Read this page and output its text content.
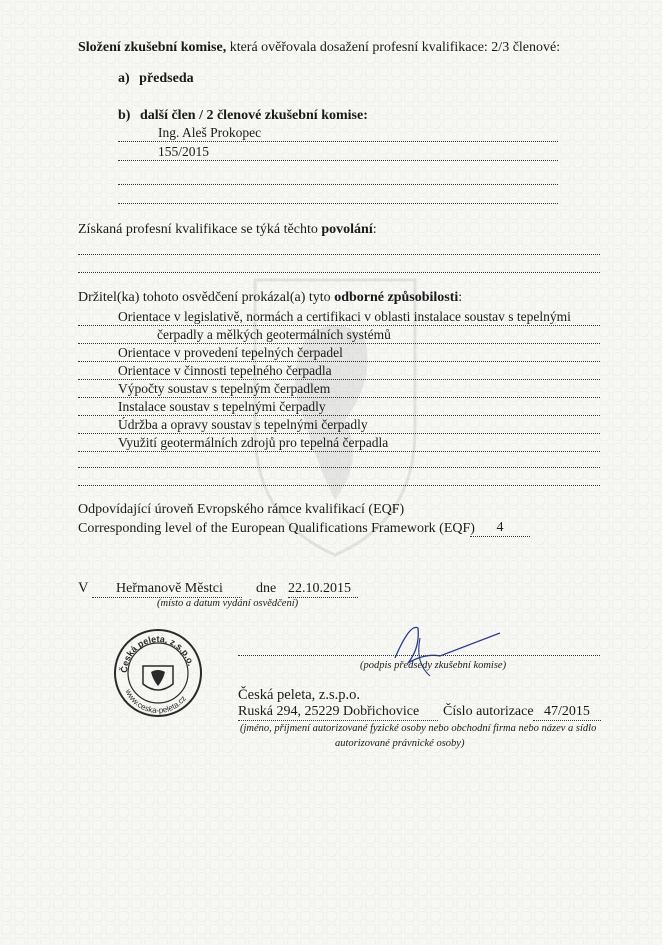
Složení zkušební komise, která ověřovala dosažení profesní kvalifikace: 2/3 členové:
a) předseda
b) další člen / 2 členové zkušební komise:
Ing. Aleš Prokopec
155/2015
Získaná profesní kvalifikace se týká těchto povolání:
Držitel(ka) tohoto osvědčení prokázal(a) tyto odborné způsobilosti:
Orientace v legislativě, normách a certifikaci v oblasti instalace soustav s tepelnými
čerpadly a mělkých geotermálních systémů
Orientace v provedení tepelných čerpadel
Orientace v činnosti tepelného čerpadla
Výpočty soustav s tepelným čerpadlem
Instalace soustav s tepelnými čerpadly
Údržba a opravy soustav s tepelnými čerpadly
Využití geotermálních zdrojů pro tepelná čerpadla
Odpovídající úroveň Evropského rámce kvalifikací (EQF)
Corresponding level of the European Qualifications Framework (EQF)	4
V	Heřmanově Městci	dne 22.10.2015
(místo a datum vydání osvědčení)
Česká peleta, z.s.p.o.
www.ceska-peleta.cz
(podpis předsedy zkušební komise)
Česká peleta, z.s.p.o.
Ruská 294, 25229 Dobřichovice	Číslo autorizace 47/2015
(jméno, příjmení autorizované fyzické osoby nebo obchodní firma nebo název a sídlo
autorizované právnické osoby)
